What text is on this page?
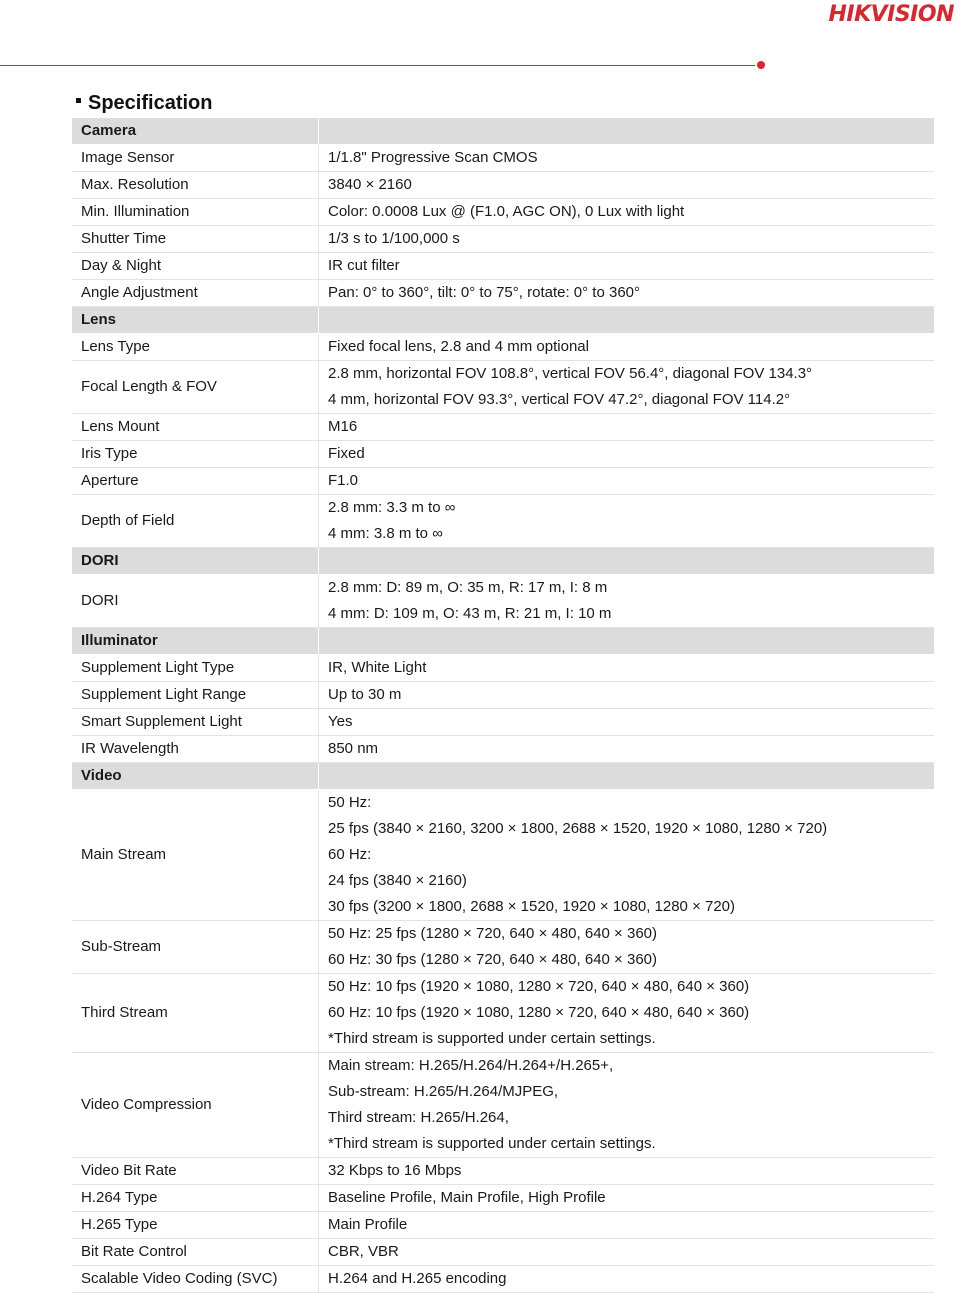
HIKVISION
Specification
Camera	
Image Sensor	1/1.8" Progressive Scan CMOS

Max. Resolution	3840 × 2160

Min. Illumination	Color: 0.0008 Lux @ (F1.0, AGC ON), 0 Lux with light

Shutter Time	1/3 s to 1/100,000 s

Day & Night	IR cut filter

Angle Adjustment	Pan: 0° to 360°, tilt: 0° to 75°, rotate: 0° to 360°

Lens	
Lens Type	Fixed focal lens, 2.8 and 4 mm optional

Focal Length & FOV	2.8 mm, horizontal FOV 108.8°, vertical FOV 56.4°, diagonal FOV 134.3°
4 mm, horizontal FOV 93.3°, vertical FOV 47.2°, diagonal FOV 114.2°

Lens Mount	M16

Iris Type	Fixed

Aperture	F1.0

Depth of Field	2.8 mm: 3.3 m to ∞
4 mm: 3.8 m to ∞

DORI	
DORI	2.8 mm: D: 89 m, O: 35 m, R: 17 m, I: 8 m
4 mm: D: 109 m, O: 43 m, R: 21 m, I: 10 m

Illuminator	
Supplement Light Type	IR, White Light

Supplement Light Range	Up to 30 m

Smart Supplement Light	Yes

IR Wavelength	850 nm

Video	
Main Stream	50 Hz:
25 fps (3840 × 2160, 3200 × 1800, 2688 × 1520, 1920 × 1080, 1280 × 720)
60 Hz:
24 fps (3840 × 2160)
30 fps (3200 × 1800, 2688 × 1520, 1920 × 1080, 1280 × 720)

Sub-Stream	50 Hz: 25 fps (1280 × 720, 640 × 480, 640 × 360)
60 Hz: 30 fps (1280 × 720, 640 × 480, 640 × 360)

Third Stream	50 Hz: 10 fps (1920 × 1080, 1280 × 720, 640 × 480, 640 × 360)
60 Hz: 10 fps (1920 × 1080, 1280 × 720, 640 × 480, 640 × 360)
*Third stream is supported under certain settings.

Video Compression	Main stream: H.265/H.264/H.264+/H.265+,
Sub-stream: H.265/H.264/MJPEG,
Third stream: H.265/H.264,
*Third stream is supported under certain settings.

Video Bit Rate	32 Kbps to 16 Mbps

H.264 Type	Baseline Profile, Main Profile, High Profile

H.265 Type	Main Profile

Bit Rate Control	CBR, VBR

Scalable Video Coding (SVC)	H.264 and H.265 encoding
